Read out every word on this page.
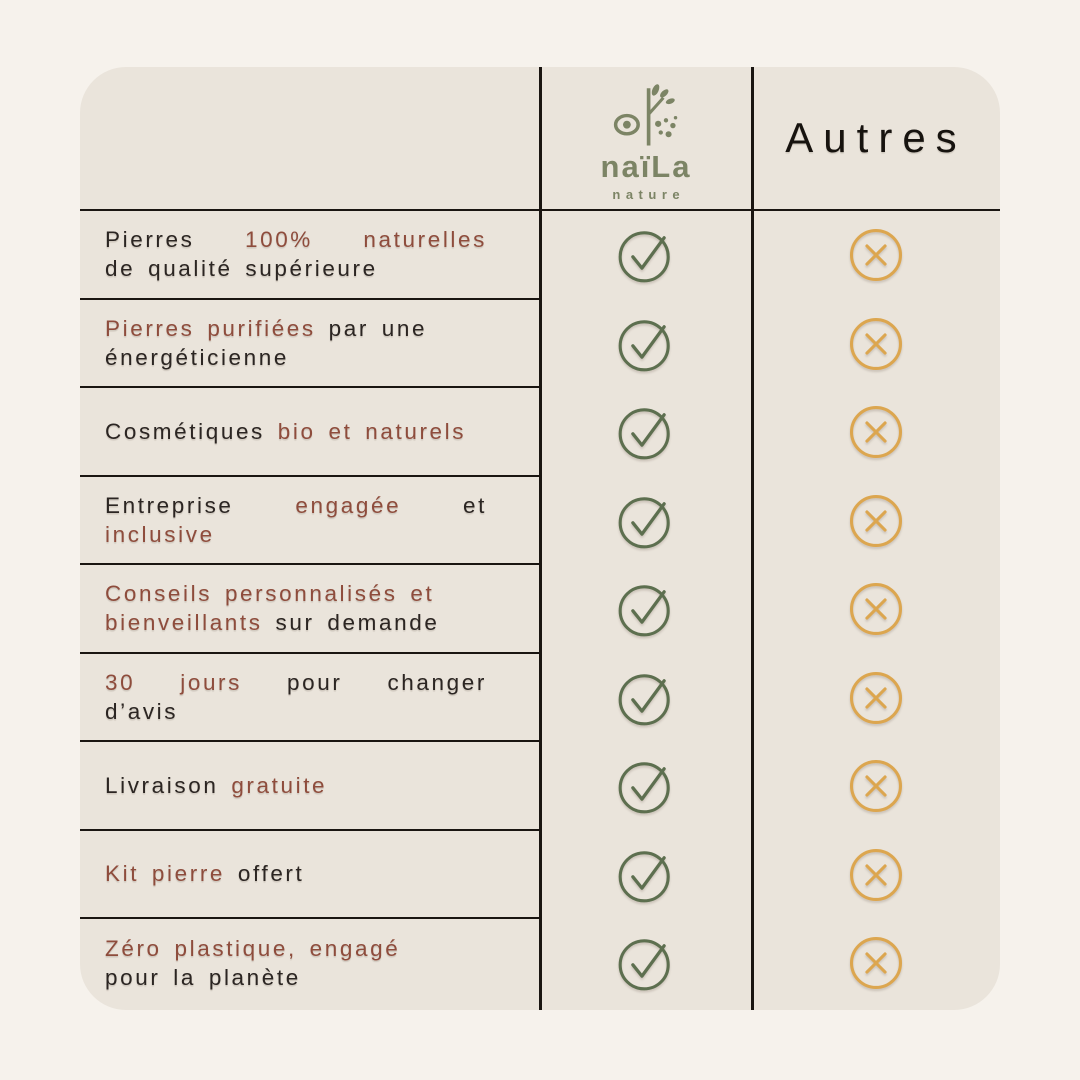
naïLa
nature
Autres
Pierres 100% naturelles
de qualité supérieure
Pierres purifiées par une
énergéticienne
Cosmétiques bio et naturels
Entreprise	engagée	et
inclusive
Conseils personnalisés et
bienveillants sur demande
30 jours pour changer
d’avis
Livraison gratuite
Kit pierre offert
Zéro plastique, engagé
pour la planète
